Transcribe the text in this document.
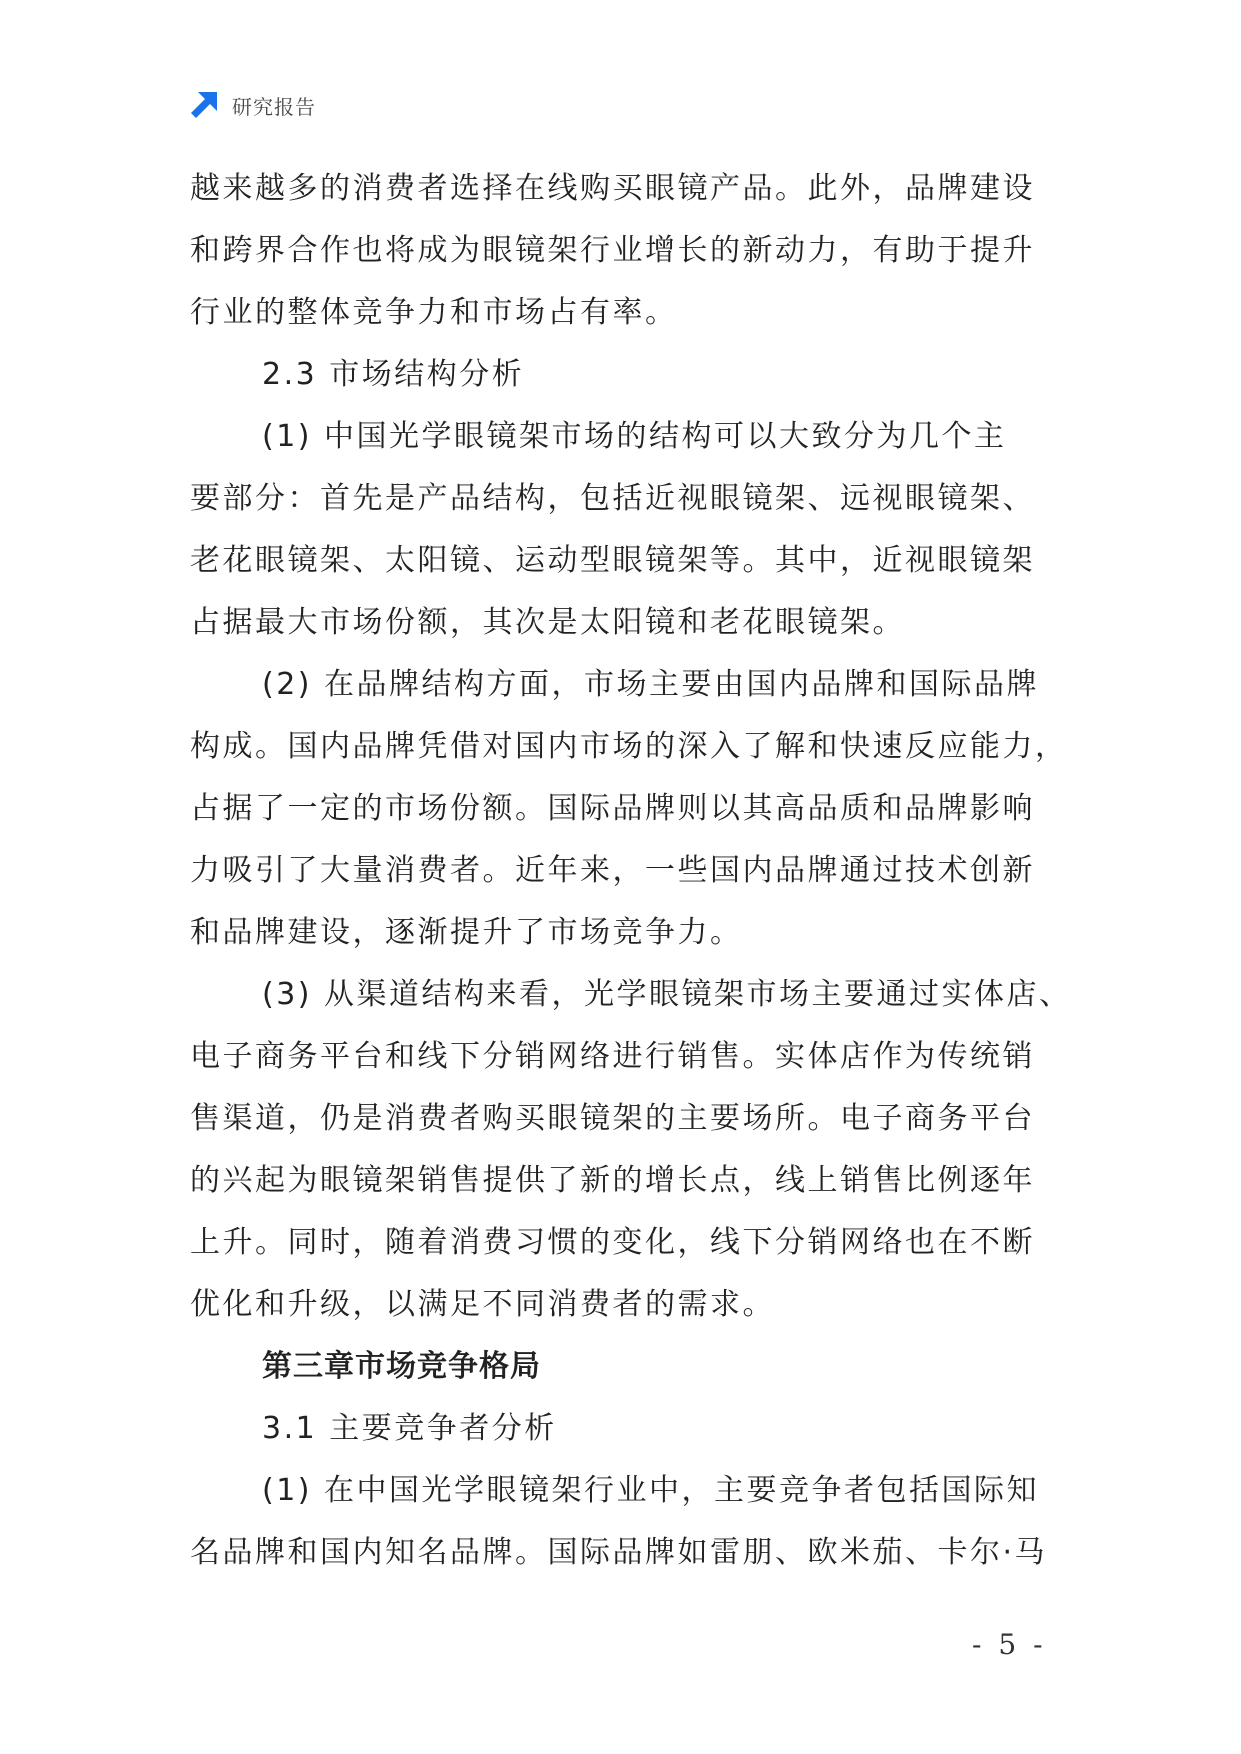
研究报告
越来越多的消费者选择在线购买眼镜产品。此外，品牌建设
和跨界合作也将成为眼镜架行业增长的新动力，有助于提升
行业的整体竞争力和市场占有率。
2.3 市场结构分析
(1) 中国光学眼镜架市场的结构可以大致分为几个主
要部分：首先是产品结构，包括近视眼镜架、远视眼镜架、
老花眼镜架、太阳镜、运动型眼镜架等。其中，近视眼镜架
占据最大市场份额，其次是太阳镜和老花眼镜架。
(2) 在品牌结构方面，市场主要由国内品牌和国际品牌
构成。国内品牌凭借对国内市场的深入了解和快速反应能力，
占据了一定的市场份额。国际品牌则以其高品质和品牌影响
力吸引了大量消费者。近年来，一些国内品牌通过技术创新
和品牌建设，逐渐提升了市场竞争力。
(3) 从渠道结构来看，光学眼镜架市场主要通过实体店、
电子商务平台和线下分销网络进行销售。实体店作为传统销
售渠道，仍是消费者购买眼镜架的主要场所。电子商务平台
的兴起为眼镜架销售提供了新的增长点，线上销售比例逐年
上升。同时，随着消费习惯的变化，线下分销网络也在不断
优化和升级，以满足不同消费者的需求。
第三章市场竞争格局
3.1 主要竞争者分析
(1) 在中国光学眼镜架行业中，主要竞争者包括国际知
名品牌和国内知名品牌。国际品牌如雷朋、欧米茄、卡尔·马
- 5 -
